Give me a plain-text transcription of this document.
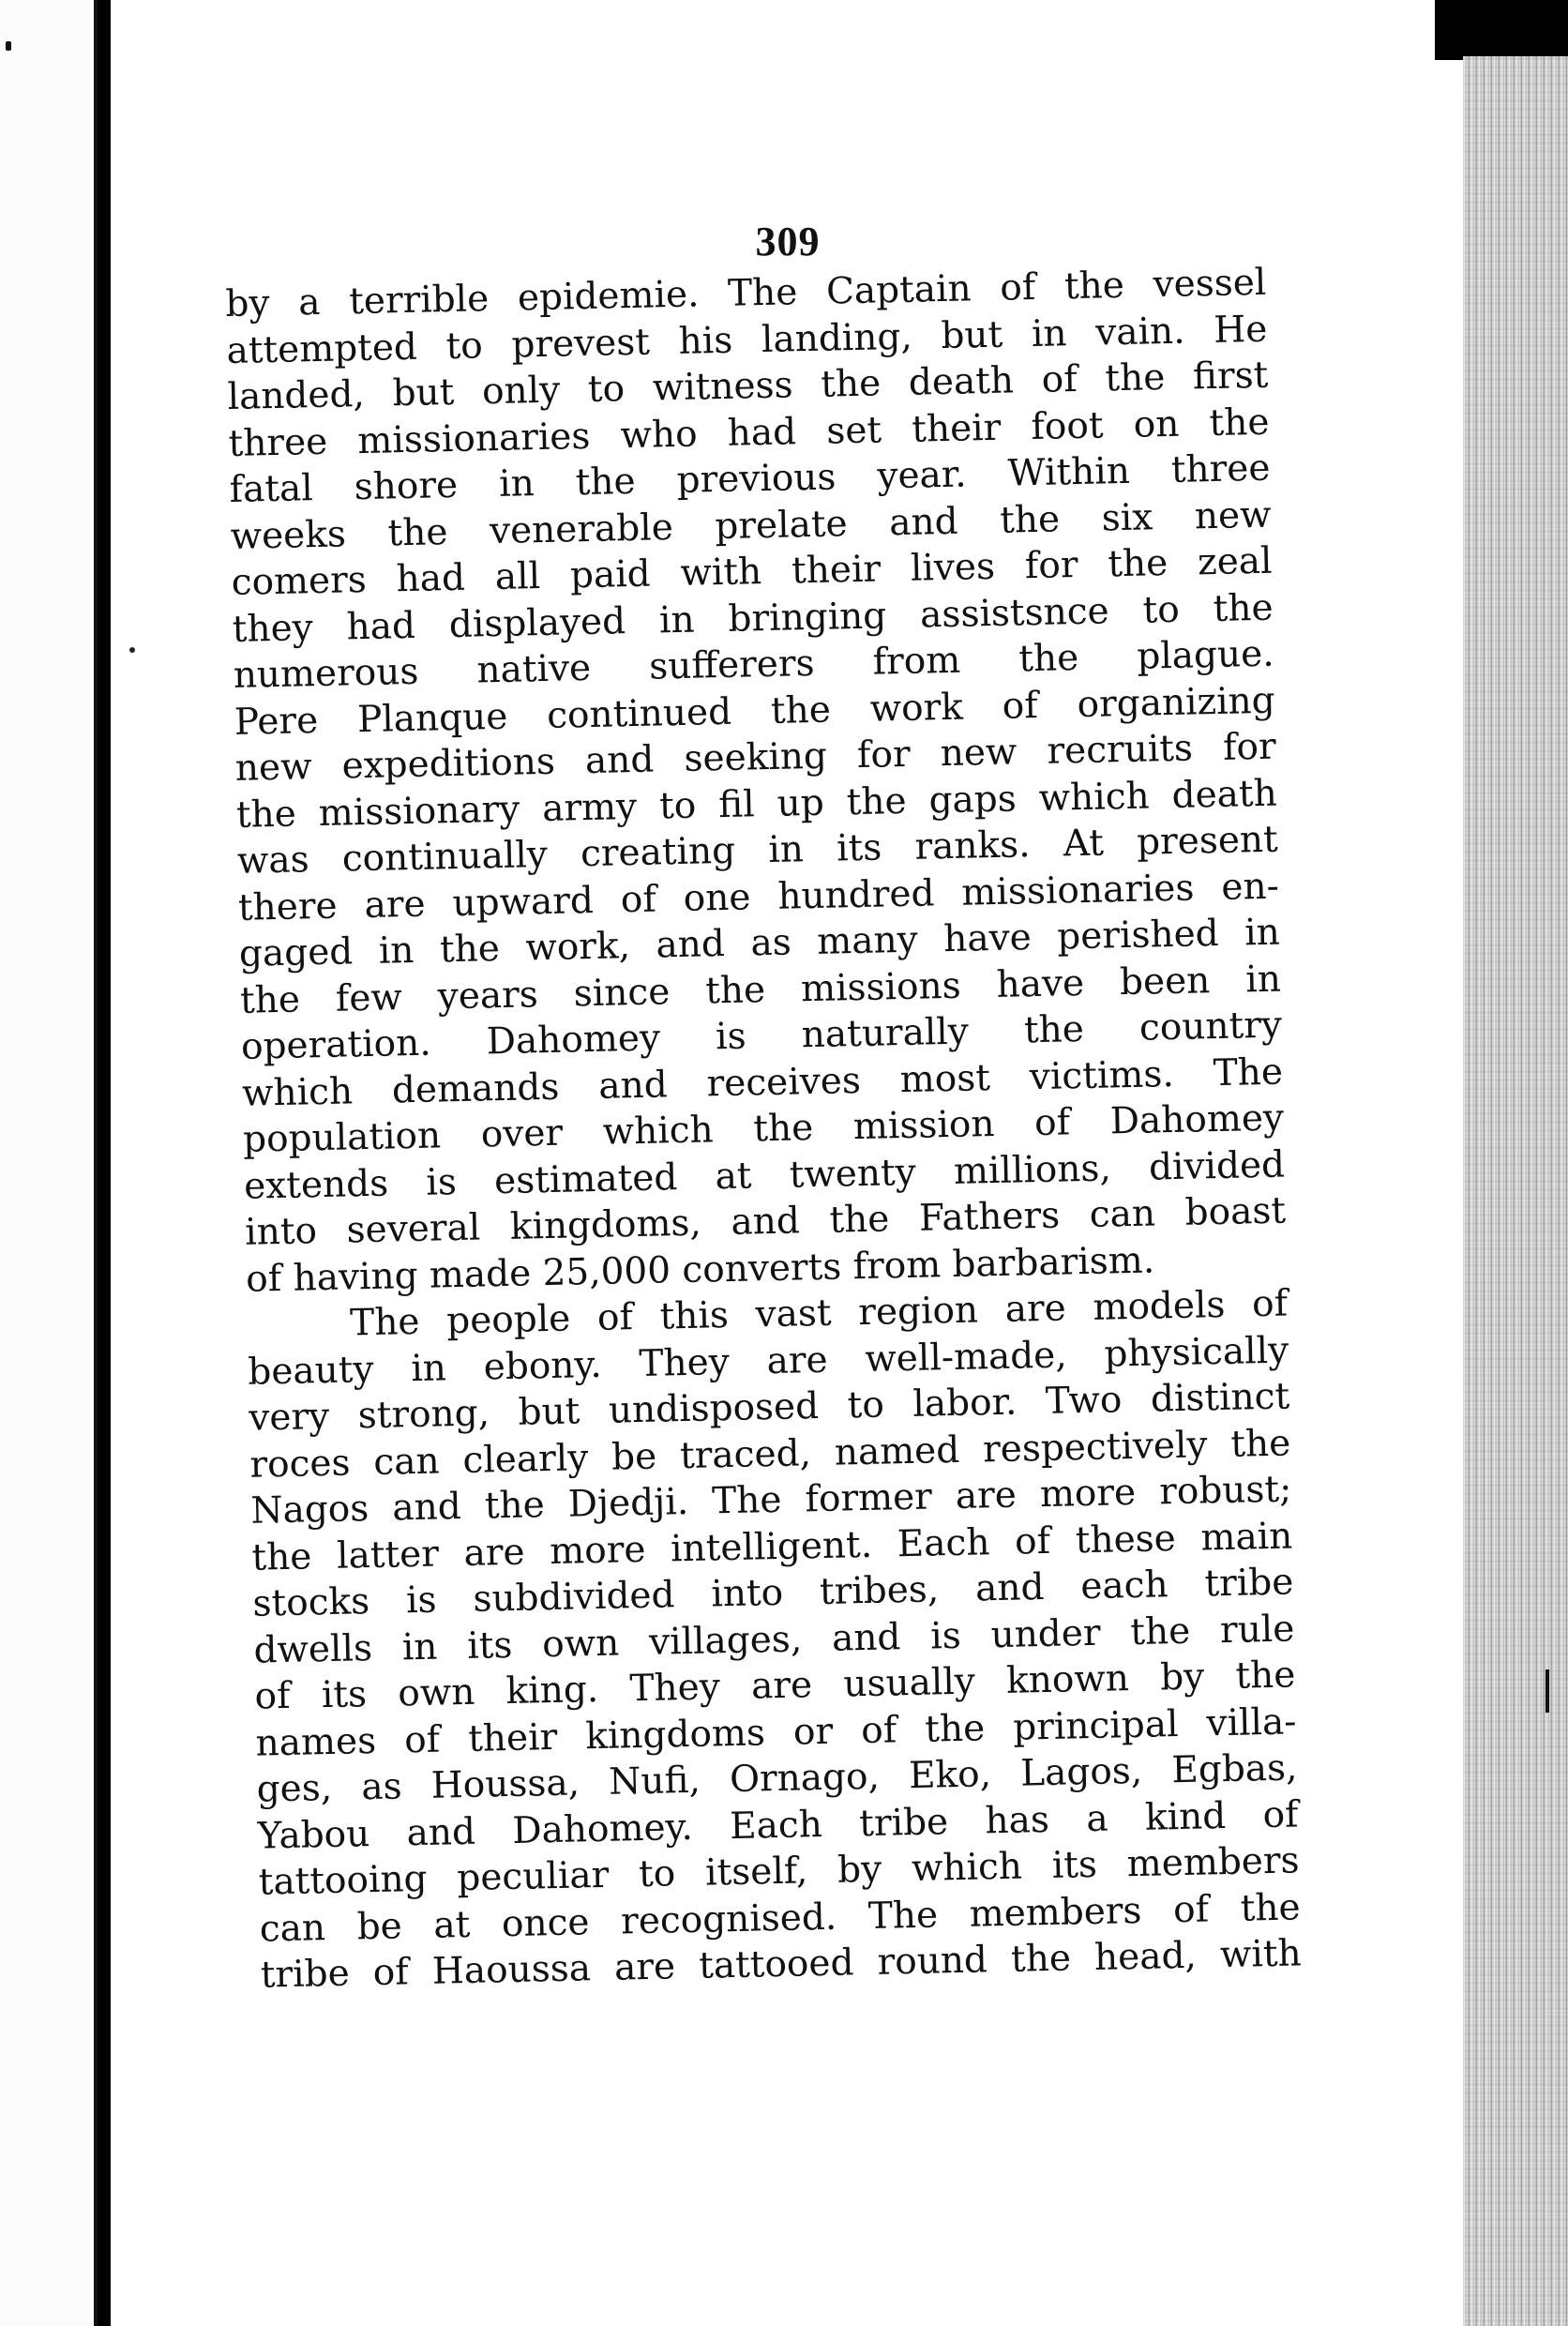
309
by a terrible epidemie. The Captain of the vessel
attempted to prevest his landing, but in vain. He
landed, but only to witness the death of the first
three missionaries who had set their foot on the
fatal shore in the previous year. Within three
weeks the venerable prelate and the six new
comers had all paid with their lives for the zeal
they had displayed in bringing assistsnce to the
numerous native sufferers from the plague.
Pere Planque continued the work of organizing
new expeditions and seeking for new recruits for
the missionary army to fil up the gaps which death
was continually creating in its ranks. At present
there are upward of one hundred missionaries en-
gaged in the work, and as many have perished in
the few years since the missions have been in
operation. Dahomey is naturally the country
which demands and receives most victims. The
population over which the mission of Dahomey
extends is estimated at twenty millions, divided
into several kingdoms, and the Fathers can boast
of having made 25,000 converts from barbarism.
The people of this vast region are models of
beauty in ebony. They are well-made, physically
very strong, but undisposed to labor. Two distinct
roces can clearly be traced, named respectively the
Nagos and the Djedji. The former are more robust;
the latter are more intelligent. Each of these main
stocks is subdivided into tribes, and each tribe
dwells in its own villages, and is under the rule
of its own king. They are usually known by the
names of their kingdoms or of the principal villa-
ges, as Houssa, Nufi, Ornago, Eko, Lagos, Egbas,
Yabou and Dahomey. Each tribe has a kind of
tattooing peculiar to itself, by which its members
can be at once recognised. The members of the
tribe of Haoussa are tattooed round the head, with
